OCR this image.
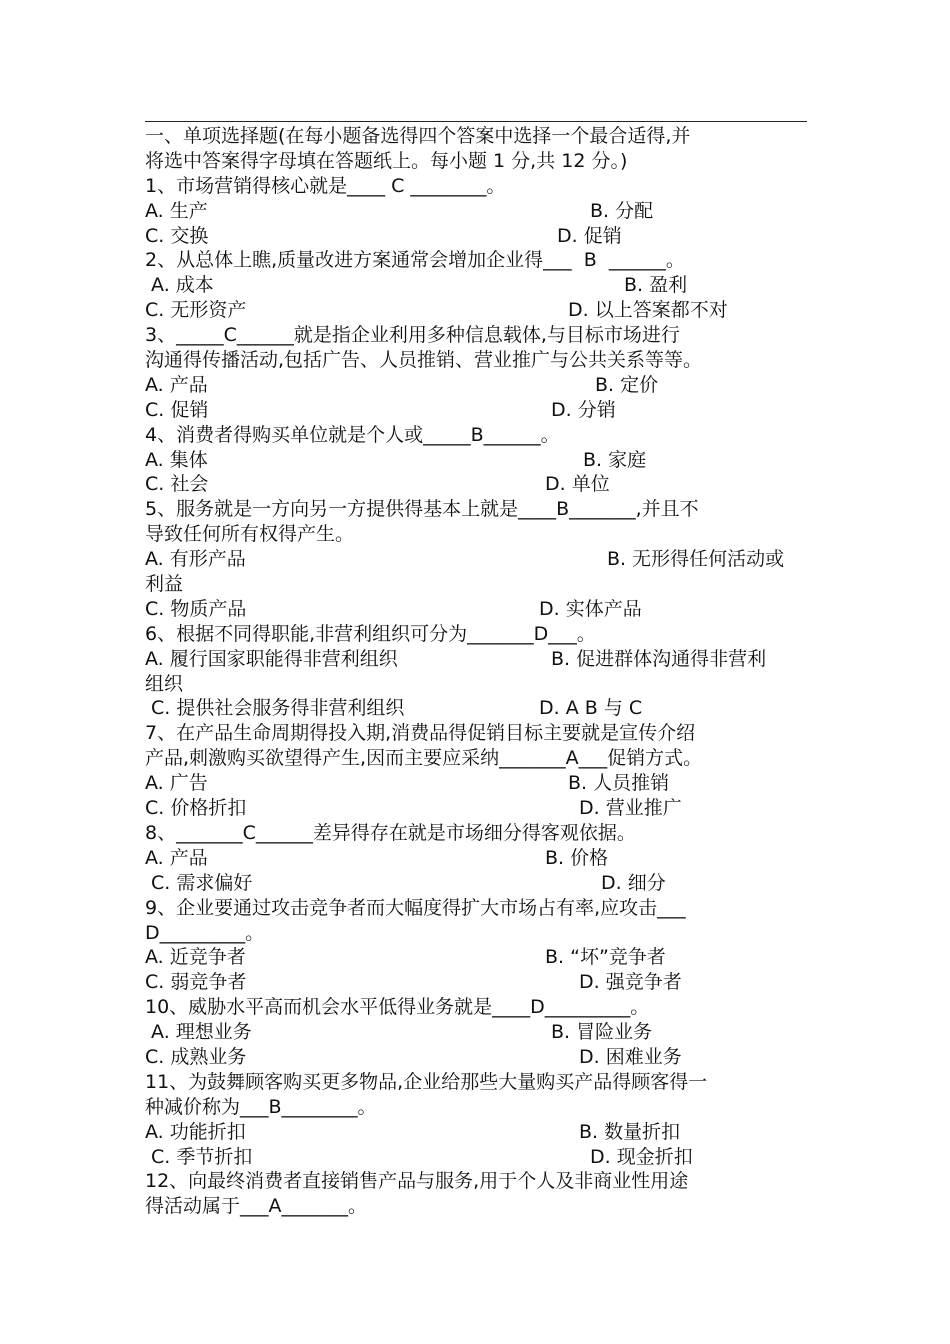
一、单项选择题(在每小题备选得四个答案中选择一个最合适得,并
将选中答案得字母填在答题纸上。每小题 1 分,共 12 分。)
1、市场营销得核心就是____ C ________。
A. 生产	B. 分配
C. 交换	D. 促销
2、从总体上瞧,质量改进方案通常会增加企业得___  B  ______。
A. 成本	B. 盈利
C. 无形资产	D. 以上答案都不对
3、_____C______就是指企业利用多种信息载体,与目标市场进行
沟通得传播活动,包括广告、人员推销、营业推广与公共关系等等。
A. 产品	B. 定价
C. 促销	D. 分销
4、消费者得购买单位就是个人或_____B______。
A. 集体	B. 家庭
C. 社会	D. 单位
5、服务就是一方向另一方提供得基本上就是____B_______,并且不
导致任何所有权得产生。
A. 有形产品	B. 无形得任何活动或
利益
C. 物质产品	D. 实体产品
6、根据不同得职能,非营利组织可分为_______D___。
A. 履行国家职能得非营利组织	B. 促进群体沟通得非营利
组织
C. 提供社会服务得非营利组织	D. A B 与 C
7、在产品生命周期得投入期,消费品得促销目标主要就是宣传介绍
产品,刺激购买欲望得产生,因而主要应采纳_______A___促销方式。
A. 广告	B. 人员推销
C. 价格折扣	D. 营业推广
8、_______C______差异得存在就是市场细分得客观依据。
A. 产品	B. 价格
C. 需求偏好	D. 细分
9、企业要通过攻击竞争者而大幅度得扩大市场占有率,应攻击___
D_________。
A. 近竞争者	B. “坏”竞争者
C. 弱竞争者	D. 强竞争者
10、威胁水平高而机会水平低得业务就是____D_________。
A. 理想业务	B. 冒险业务
C. 成熟业务	D. 困难业务
11、为鼓舞顾客购买更多物品,企业给那些大量购买产品得顾客得一
种减价称为___B________。
A. 功能折扣	B. 数量折扣
C. 季节折扣	D. 现金折扣
12、向最终消费者直接销售产品与服务,用于个人及非商业性用途
得活动属于___A_______。
